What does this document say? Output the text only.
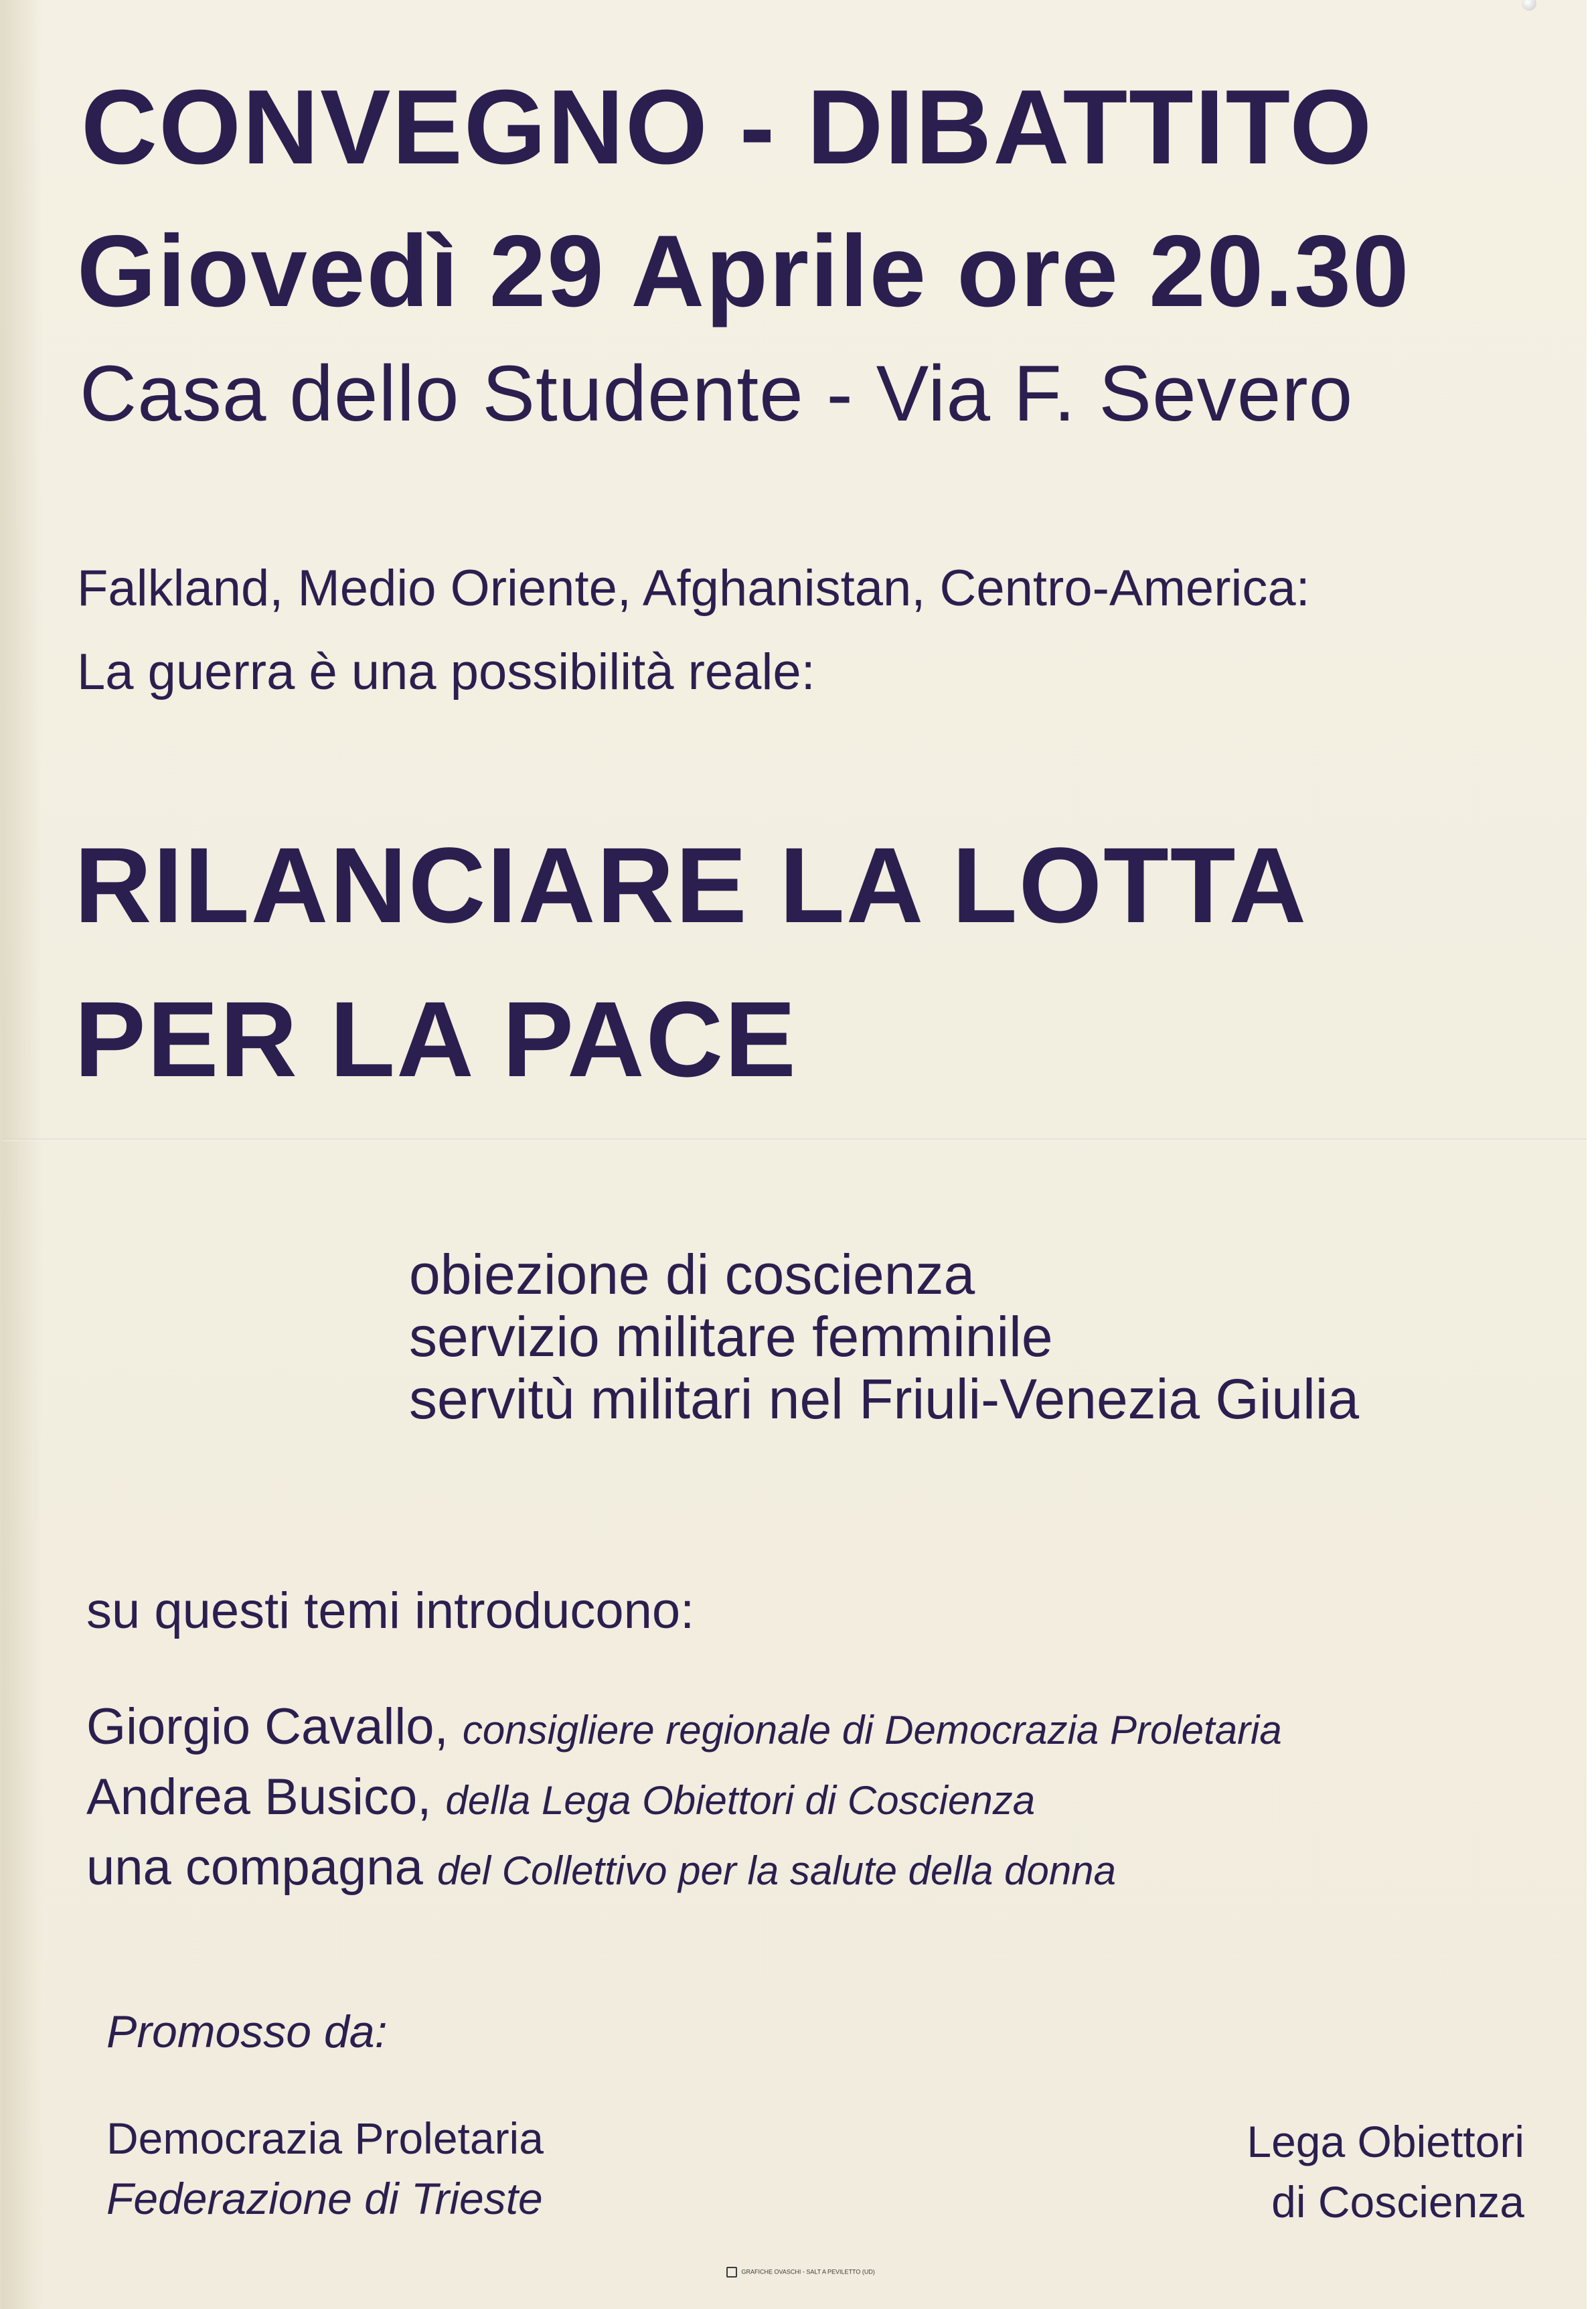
CONVEGNO - DIBATTITO
Giovedì 29 Aprile ore 20.30
Casa dello Studente - Via F. Severo
Falkland, Medio Oriente, Afghanistan, Centro-America:
La guerra è una possibilità reale:
RILANCIARE LA LOTTA
PER LA PACE
obiezione di coscienza
servizio militare femminile
servitù militari nel Friuli-Venezia Giulia
su questi temi introducono:
Giorgio Cavallo, consigliere regionale di Democrazia Proletaria
Andrea Busico, della Lega Obiettori di Coscienza
una compagna del Collettivo per la salute della donna
Promosso da:
Democrazia Proletaria
Federazione di Trieste
Lega Obiettori
di Coscienza
GRAFICHE OVASCHI - SALT A PEVILETTO (UD)
